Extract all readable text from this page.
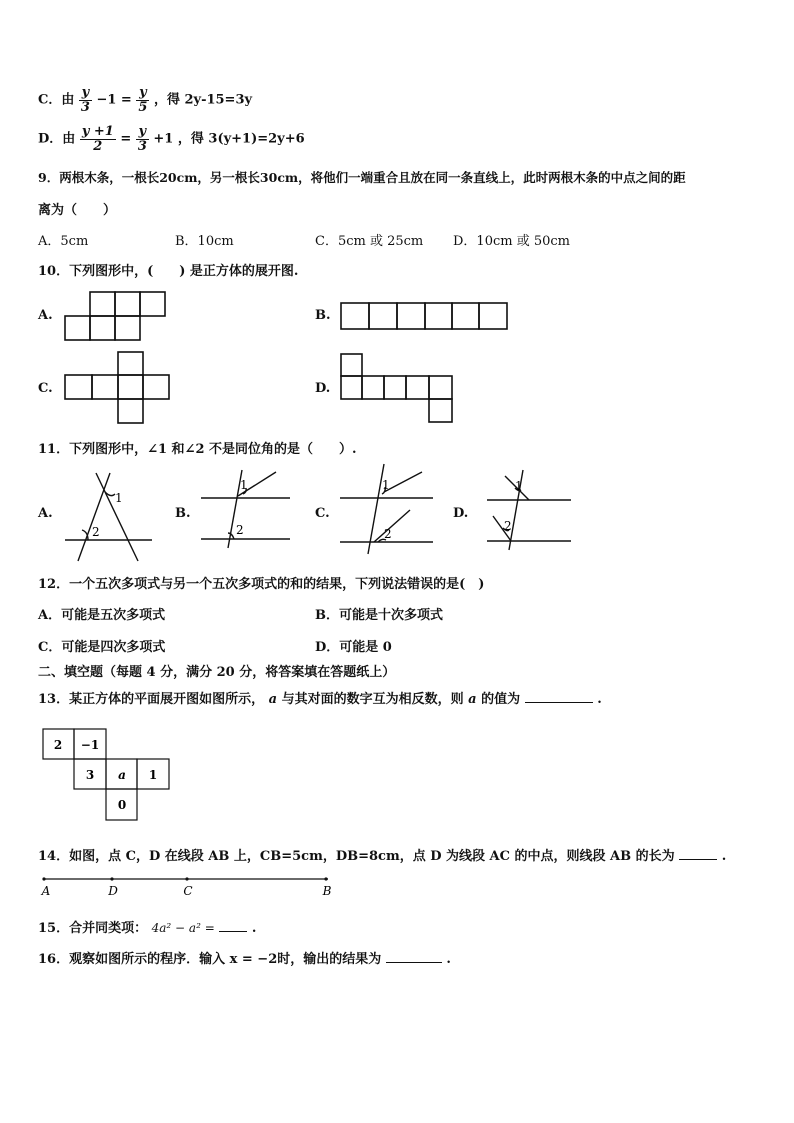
C．由 $\frac{y}{3} -1 = \frac{y}{5}$ ，得 2y-15=3y
D．由 $\frac{y +1}{2} = \frac{y}{3} +1$ ，得 3(y+1)=2y+6
9．两根木条，一根长20cm，另一根长30cm，将他们一端重合且放在同一条直线上，此时两根木条的中点之间的距
离为（　　）
A．5cm	B．10cm	C．5cm 或 25cm D．10cm 或 50cm
10．下列图形中，(　　) 是正方体的展开图.
A.	B.
C.	D.
11．下列图形中，∠1 和∠2 不是同位角的是（　　）.
A.	B.	C.	D.
1
2
1
2
1
2
1
2
12．一个五次多项式与另一个五次多项式的和的结果，下列说法错误的是(　)
A．可能是五次多项式	B．可能是十次多项式
C．可能是四次多项式	D．可能是 0
二、填空题（每题 4 分，满分 20 分，将答案填在答题纸上）
13．某正方体的平面展开图如图所示， a 与其对面的数字互为相反数，则 a 的值为	.
2 −1
3 a 1
0
14．如图，点 C，D 在线段 AB 上，CB=5cm，DB=8cm，点 D 为线段 AC 的中点，则线段 AB 的长为	.
A	D	C	B
15．合并同类项： 4a² − a² =	.
16．观察如图所示的程序．输入 x = −2时，输出的结果为	.
